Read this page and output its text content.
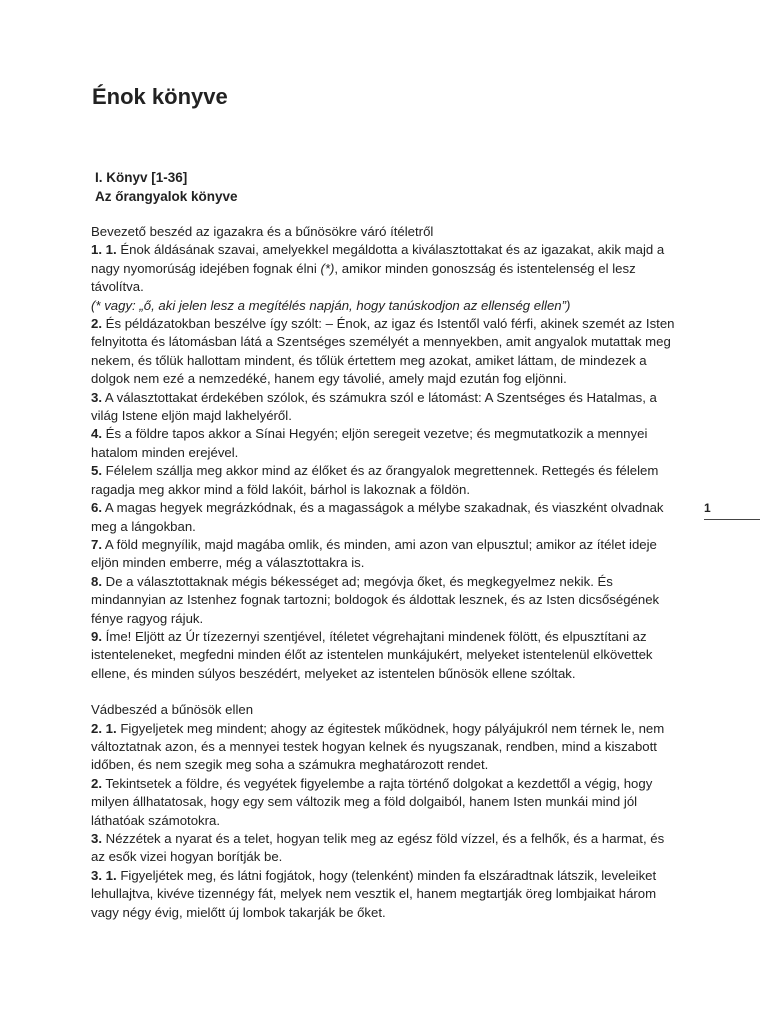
Énok könyve
I. Könyv [1-36]
Az őrangyalok könyve
Bevezető beszéd az igazakra és a bűnösökre váró ítéletről
1. 1. Énok áldásának szavai, amelyekkel megáldotta a kiválasztottakat és az igazakat, akik majd a nagy nyomorúság idejében fognak élni (*), amikor minden gonoszság és istentelenség el lesz távolítva.
(* vagy: „ő, aki jelen lesz a megítélés napján, hogy tanúskodjon az ellenség ellen”)
2. És példázatokban beszélve így szólt: – Énok, az igaz és Istentől való férfi, akinek szemét az Isten felnyitotta és látomásban látá a Szentséges személyét a mennyekben, amit angyalok mutattak meg nekem, és tőlük hallottam mindent, és tőlük értettem meg azokat, amiket láttam, de mindezek a dolgok nem ezé a nemzedéké, hanem egy távolié, amely majd ezután fog eljönni.
3. A választottakat érdekében szólok, és számukra szól e látomást: A Szentséges és Hatalmas, a világ Istene eljön majd lakhelyéről.
4. És a földre tapos akkor a Sínai Hegyén; eljön seregeit vezetve; és megmutatkozik a mennyei hatalom minden erejével.
5. Félelem szállja meg akkor mind az élőket és az őrangyalok megrettennek. Rettegés és félelem ragadja meg akkor mind a föld lakóit, bárhol is lakoznak a földön.
6. A magas hegyek megrázkódnak, és a magasságok a mélybe szakadnak, és viaszként olvadnak meg a lángokban.
7. A föld megnyílik, majd magába omlik, és minden, ami azon van elpusztul; amikor az ítélet ideje eljön minden emberre, még a választottakra is.
8. De a választottaknak mégis békességet ad; megóvja őket, és megkegyelmez nekik. És mindannyian az Istenhez fognak tartozni; boldogok és áldottak lesznek, és az Isten dicsőségének fénye ragyog rájuk.
9. Íme! Eljött az Úr tízezernyi szentjével, ítéletet végrehajtani mindenek fölött, és elpusztítani az istenteleneket, megfedni minden élőt az istentelen munkájukért, melyeket istentelenül elkövettek ellene, és minden súlyos beszédért, melyeket az istentelen bűnösök ellene szóltak.
Vádbeszéd a bűnösök ellen
2. 1. Figyeljetek meg mindent; ahogy az égitestek működnek, hogy pályájukról nem térnek le, nem változtatnak azon, és a mennyei testek hogyan kelnek és nyugszanak, rendben, mind a kiszabott időben, és nem szegik meg soha a számukra meghatározott rendet.
2. Tekintsetek a földre, és vegyétek figyelembe a rajta történő dolgokat a kezdettől a végig, hogy milyen állhatatosak, hogy egy sem változik meg a föld dolgaiból, hanem Isten munkái mind jól láthatóak számotokra.
3. Nézzétek a nyarat és a telet, hogyan telik meg az egész föld vízzel, és a felhők, és a harmat, és az esők vizei hogyan borítják be.
3. 1. Figyeljétek meg, és látni fogjátok, hogy (telenként) minden fa elszáradtnak látszik, leveleiket lehullajtva, kivéve tizennégy fát, melyek nem vesztik el, hanem megtartják öreg lombjaikat három vagy négy évig, mielőtt új lombok takarják be őket.
1
